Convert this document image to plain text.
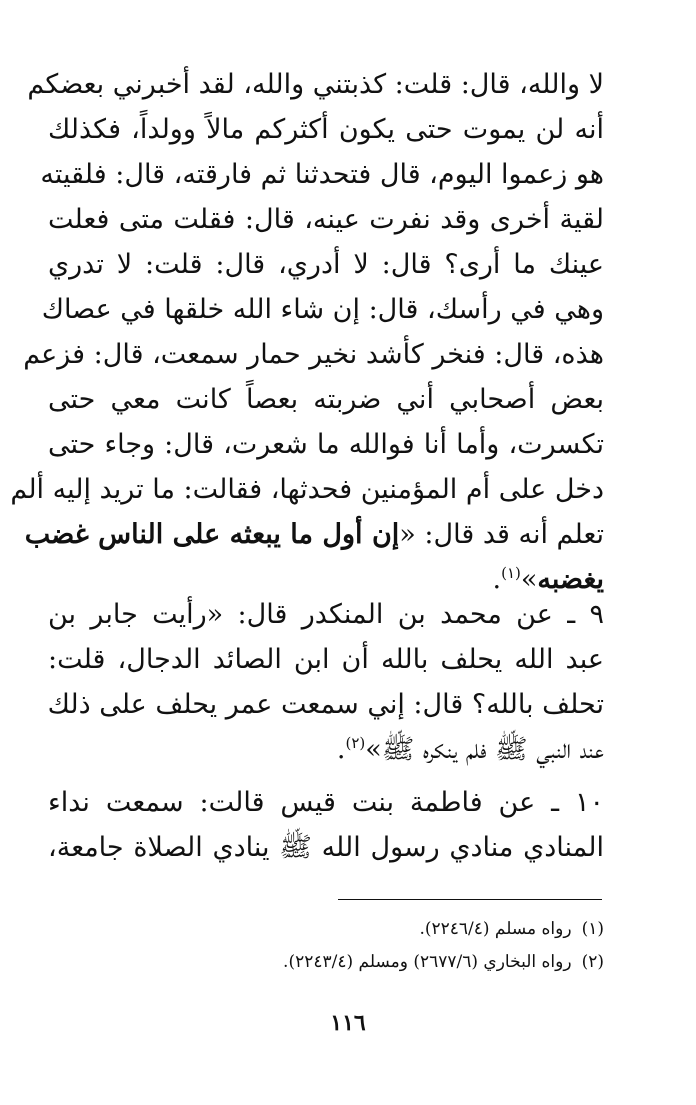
لا والله، قال: قلت: كذبتني والله، لقد أخبرني بعضكم
أنه لن يموت حتى يكون أكثركم مالاً وولداً، فكذلك
هو زعموا اليوم، قال فتحدثنا ثم فارقته، قال: فلقيته
لقية أخرى وقد نفرت عينه، قال: فقلت متى فعلت
عينك ما أرى؟ قال: لا أدري، قال: قلت: لا تدري
وهي في رأسك، قال: إن شاء الله خلقها في عصاك
هذه، قال: فنخر كأشد نخير حمار سمعت، قال: فزعم
بعض أصحابي أني ضربته بعصاً كانت معي حتى
تكسرت، وأما أنا فوالله ما شعرت، قال: وجاء حتى
دخل على أم المؤمنين فحدثها، فقالت: ما تريد إليه ألم
تعلم أنه قد قال: «إن أول ما يبعثه على الناس غضب
يغضبه»$^{(١)}$.
٩ ـ عن محمد بن المنكدر قال: «رأيت جابر بن
عبد الله يحلف بالله أن ابن الصائد الدجال، قلت:
تحلف بالله؟ قال: إني سمعت عمر يحلف على ذلك
عند النبي ﷺ فلم ينكره ﷺ»$^{(٢)}$.
١٠ ـ عن فاطمة بنت قيس قالت: سمعت نداء
المنادي منادي رسول الله ﷺ ينادي الصلاة جامعة،
(١)رواه مسلم (٢٢٤٦/٤).
(٢)رواه البخاري (٢٦٧٧/٦) ومسلم (٢٢٤٣/٤).
١١٦
